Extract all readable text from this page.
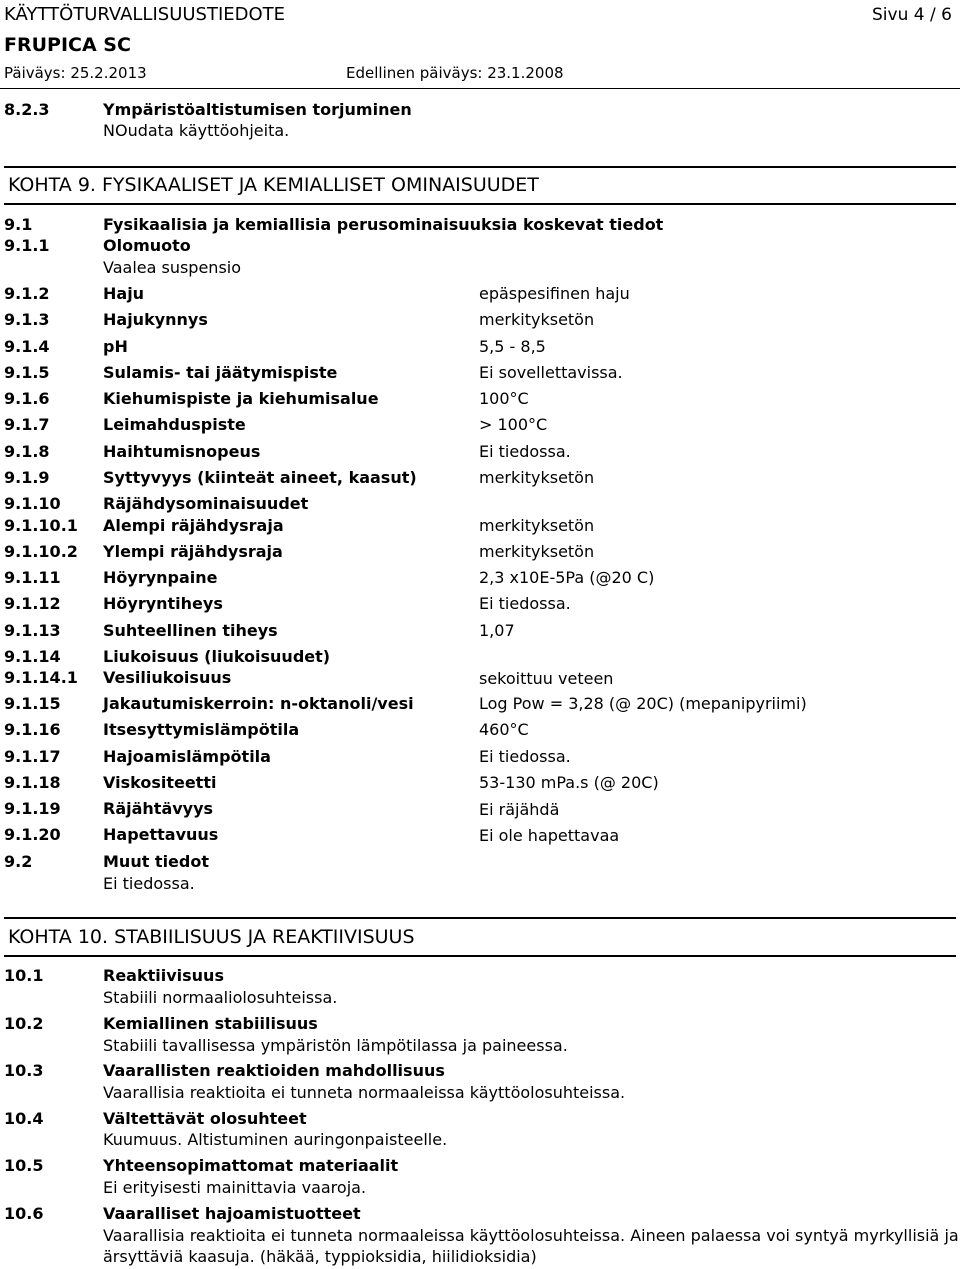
KÄYTTÖTURVALLISUUSTIEDOTE	Sivu 4 / 6
FRUPICA SC
Päiväys: 25.2.2013	Edellinen päiväys: 23.1.2008
8.2.3	Ympäristöaltistumisen torjuminen
NOudata käyttöohjeita.
KOHTA 9. FYSIKAALISET JA KEMIALLISET OMINAISUUDET
9.1	Fysikaalisia ja kemiallisia perusominaisuuksia koskevat tiedot
9.1.1	Olomuoto
Vaalea suspensio
9.1.2	Haju	epäspesifinen haju
9.1.3	Hajukynnys	merkityksetön
9.1.4	pH	5,5 - 8,5
9.1.5	Sulamis- tai jäätymispiste	Ei sovellettavissa.
9.1.6	Kiehumispiste ja kiehumisalue	100°C
9.1.7	Leimahduspiste	> 100°C
9.1.8	Haihtumisnopeus	Ei tiedossa.
9.1.9	Syttyvyys (kiinteät aineet, kaasut)	merkityksetön
9.1.10	Räjähdysominaisuudet
9.1.10.1 Alempi räjähdysraja	merkityksetön
9.1.10.2 Ylempi räjähdysraja	merkityksetön
9.1.11	Höyrynpaine	2,3 x10E-5Pa (@20 C)
9.1.12	Höyryntiheys	Ei tiedossa.
9.1.13	Suhteellinen tiheys	1,07
9.1.14	Liukoisuus (liukoisuudet)
9.1.14.1 Vesiliukoisuus	sekoittuu veteen
9.1.15	Jakautumiskerroin: n-oktanoli/vesi	Log Pow = 3,28 (@ 20C) (mepanipyriimi)
9.1.16	Itsesyttymislämpötila	460°C
9.1.17	Hajoamislämpötila	Ei tiedossa.
9.1.18	Viskositeetti	53-130 mPa.s (@ 20C)
9.1.19	Räjähtävyys	Ei räjähdä
9.1.20	Hapettavuus	Ei ole hapettavaa
9.2	Muut tiedot
Ei tiedossa.
KOHTA 10. STABIILISUUS JA REAKTIIVISUUS
10.1	Reaktiivisuus
Stabiili normaaliolosuhteissa.
10.2	Kemiallinen stabiilisuus
Stabiili tavallisessa ympäristön lämpötilassa ja paineessa.
10.3	Vaarallisten reaktioiden mahdollisuus
Vaarallisia reaktioita ei tunneta normaaleissa käyttöolosuhteissa.
10.4	Vältettävät olosuhteet
Kuumuus. Altistuminen auringonpaisteelle.
10.5	Yhteensopimattomat materiaalit
Ei erityisesti mainittavia vaaroja.
10.6	Vaaralliset hajoamistuotteet
Vaarallisia reaktioita ei tunneta normaaleissa käyttöolosuhteissa. Aineen palaessa voi syntyä myrkyllisiä ja
ärsyttäviä kaasuja. (häkää, typpioksidia, hiilidioksidia)
